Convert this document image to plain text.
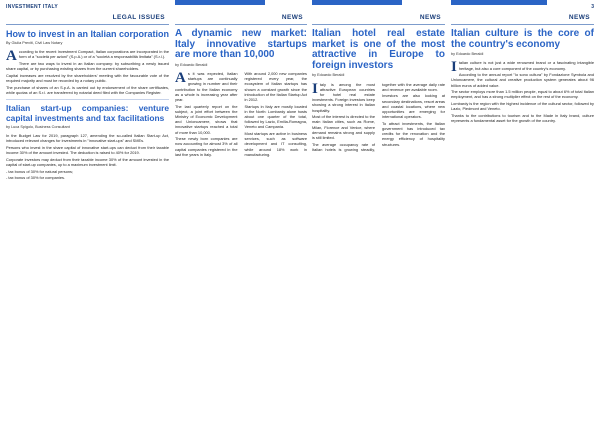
INVESTMENT ITALY	3
LEGAL ISSUES
How to invest in an Italian corporation
By Giulia Previti, Civil Law Notary

According to the recent Investment Compact, Italian corporations are incorporated in the form of a "società per azioni" (S.p.A.) or of a "società a responsabilità limitata" (S.r.l.).

There are two ways to invest in an Italian company: by subscribing a newly issued share capital, or by purchasing existing shares from the current shareholders.

Capital increases are resolved by the shareholders' meeting with the favourable vote of the required majority and must be recorded by a notary public.

The purchase of shares of an S.p.A. is carried out by endorsement of the share certificates, while quotas of an S.r.l. are transferred by notarial deed filed with the Companies Register.

Italian start-up companies: venture capital investments and tax facilitations
by Luca Spigolo, Business Consultant

In the Budget Law for 2019, paragraph 127, amending the so-called Italian Start-up Act, introduced relevant changes for investments in "innovative start-ups" and SMEs.

Persons who invest in the share capital of innovative start-ups can deduct from their taxable income 30% of the amount invested. The deduction is raised to 40% for 2019.

Corporate investors may deduct from their taxable income 30% of the amount invested in the capital of start-up companies, up to a maximum investment limit.

- tax bonus of 30% for natural persons;
- tax bonus of 30% for companies.
NEWS
A dynamic new market: Italy innovative startups are more than 10,000
by Edoardo Beraldi

As it was expected, Italian startups are continually growing in number and their contribution to the Italian economy as a whole is increasing year after year.

The last quarterly report on the subject, a joint effort between the Ministry of Economic Development and Unioncamere, shows that innovative startups reached a total of more than 10,000.

These newly born companies are now accounting for almost 3% of all capital companies registered in the last five years in Italy.

With around 2,000 new companies registered every year, the ecosystem of Italian startups has shown a constant growth since the introduction of the Italian Startup Act in 2012.

Startups in Italy are mostly located in the North: Lombardy alone hosts about one quarter of the total, followed by Lazio, Emilia-Romagna, Veneto and Campania.

Most startups are active in business services, such as software development and IT consulting, while around 18% work in manufacturing.

NEWS
Italian hotel real estate market is one of the most attractive in Europe to foreign investors
by Edoardo Beraldi

Italy is among the most attractive European countries for hotel real estate investments. Foreign investors keep showing a strong interest in Italian hospitality.

Most of the interest is directed to the main Italian cities, such as Rome, Milan, Florence and Venice, where demand remains strong and supply is still limited.

The average occupancy rate of Italian hotels is growing steadily, together with the average daily rate and revenue per available room.

Investors are also looking at secondary destinations, resort areas and coastal locations, where new opportunities are emerging for international operators.

To attract investments, the Italian government has introduced tax credits for the renovation and the energy efficiency of hospitality structures.

NEWS
Italian culture is the core of the country's economy
by Edoardo Beraldi

Italian culture is not just a wide renowned brand or a fascinating intangible heritage, but also a core component of the country's economy.

According to the annual report "Io sono cultura" by Fondazione Symbola and Unioncamere, the cultural and creative production system generates about 96 billion euros of added value.

The sector employs more than 1.5 million people, equal to about 6% of total Italian employment, and has a strong multiplier effect on the rest of the economy.

Lombardy is the region with the highest incidence of the cultural sector, followed by Lazio, Piedmont and Veneto.

Thanks to the contributions to tourism and to the Made in Italy brand, culture represents a fundamental asset for the growth of the country.
